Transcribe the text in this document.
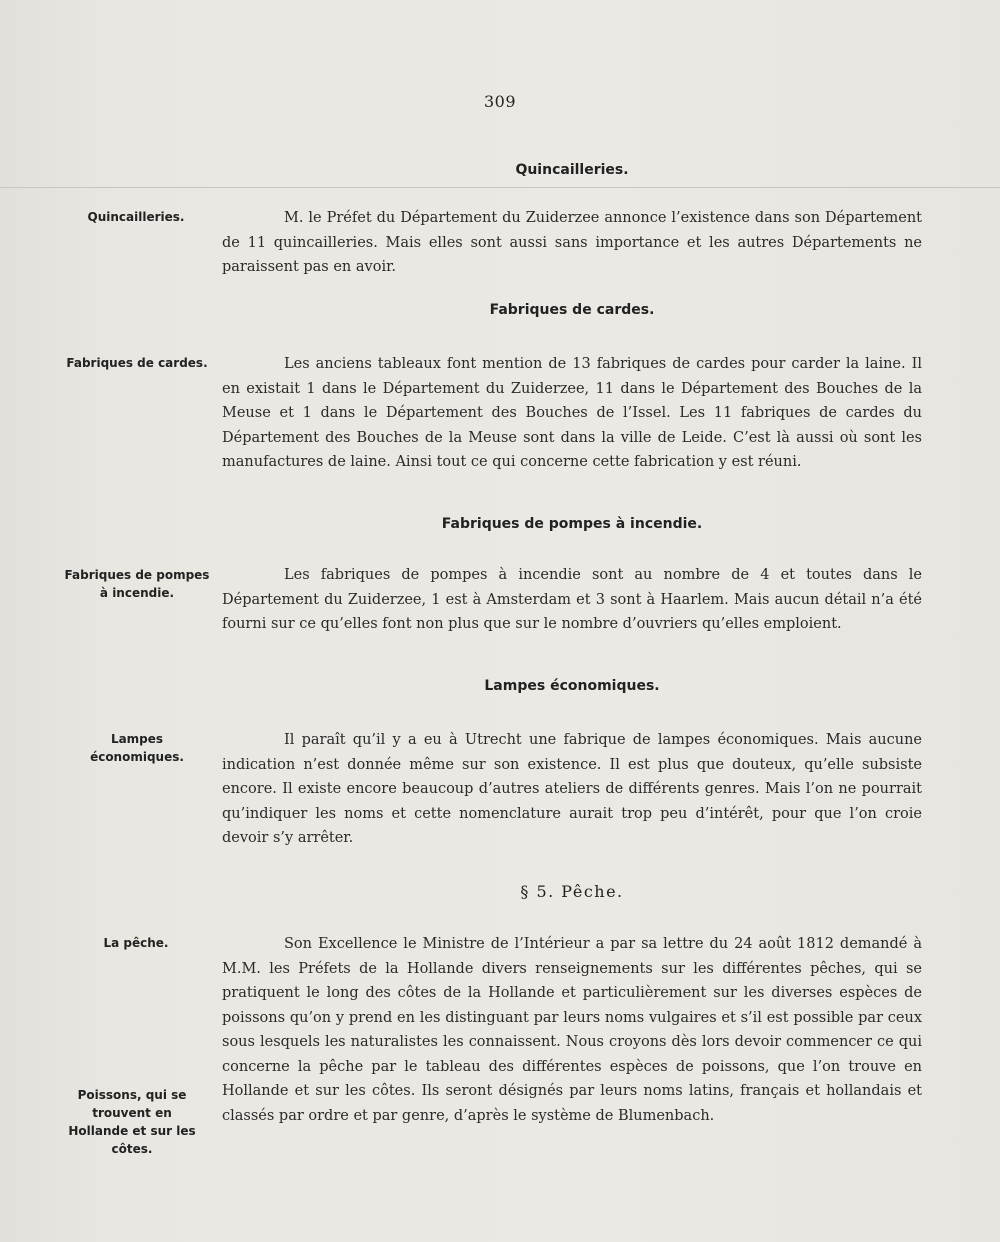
309
Quincailleries.
Quincailleries.	M. le Préfet du Département du Zuiderzee annonce l’existence dans son Département de 11 quincailleries. Mais elles sont aussi sans importance et les autres Départements ne paraissent pas en avoir.

Fabriques de cardes.
Fabriques de cardes.	Les anciens tableaux font mention de 13 fabriques de cardes pour carder la laine. Il en existait 1 dans le Département du Zuiderzee, 11 dans le Département des Bouches de la Meuse et 1 dans le Département des Bouches de l’Issel. Les 11 fabriques de cardes du Département des Bouches de la Meuse sont dans la ville de Leide. C’est là aussi où sont les manufactures de laine. Ainsi tout ce qui concerne cette fabrication y est réuni.

Fabriques de pompes à incendie.
Fabriques de pompes à incendie.

Les fabriques de pompes à incendie sont au nombre de 4 et toutes dans le Département du Zuiderzee, 1 est à Amsterdam et 3 sont à Haarlem. Mais aucun détail n’a été fourni sur ce qu’elles font non plus que sur le nombre d’ouvriers qu’elles emploient.

Lampes économiques.
Lampes économiques.

Il paraît qu’il y a eu à Utrecht une fabrique de lampes économiques. Mais aucune indication n’est donnée même sur son existence. Il est plus que douteux, qu’elle subsiste encore. Il existe encore beaucoup d’autres ateliers de différents genres. Mais l’on ne pourrait qu’indiquer les noms et cette nomenclature aurait trop peu d’intérêt, pour que l’on croie devoir s’y arrêter.

§ 5. Pêche.
La pêche.
Poissons, qui se trouvent en Hollande et sur les côtes.

Son Excellence le Ministre de l’Intérieur a par sa lettre du 24 août 1812 demandé à M.M. les Préfets de la Hollande divers renseignements sur les différentes pêches, qui se pratiquent le long des côtes de la Hollande et particulièrement sur les diverses espèces de poissons qu’on y prend en les distinguant par leurs noms vulgaires et s’il est possible par ceux sous lesquels les naturalistes les connaissent. Nous croyons dès lors devoir commencer ce qui concerne la pêche par le tableau des différentes espèces de poissons, que l’on trouve en Hollande et sur les côtes. Ils seront désignés par leurs noms latins, français et hollandais et classés par ordre et par genre, d’après le système de Blumenbach.
